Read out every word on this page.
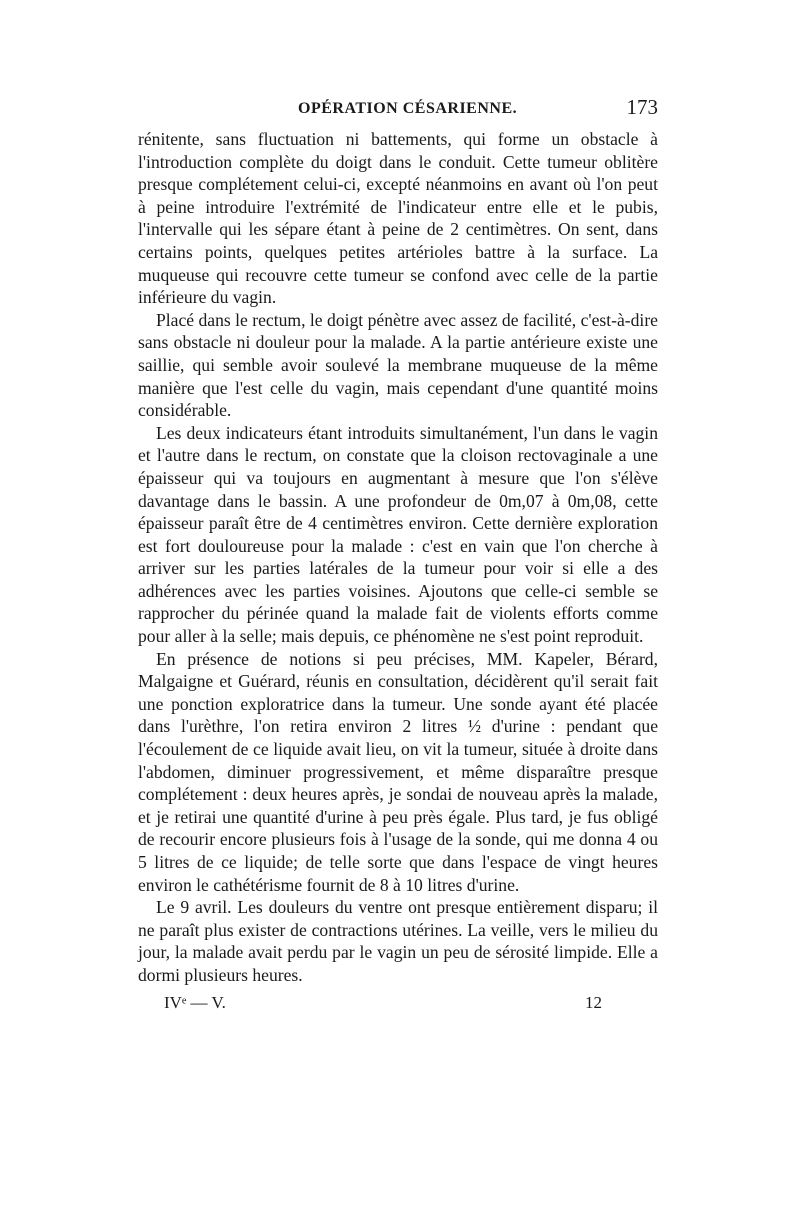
OPÉRATION CÉSARIENNE.	173

rénitente, sans fluctuation ni battements, qui forme un obstacle à l'introduction complète du doigt dans le conduit. Cette tumeur oblitère presque complétement celui-ci, excepté néanmoins en avant où l'on peut à peine introduire l'extrémité de l'indicateur entre elle et le pubis, l'intervalle qui les sépare étant à peine de 2 centimètres. On sent, dans certains points, quelques petites artérioles battre à la surface. La muqueuse qui recouvre cette tumeur se confond avec celle de la partie inférieure du vagin.

Placé dans le rectum, le doigt pénètre avec assez de facilité, c'est-à-dire sans obstacle ni douleur pour la malade. A la partie antérieure existe une saillie, qui semble avoir soulevé la membrane muqueuse de la même manière que l'est celle du vagin, mais cependant d'une quantité moins considérable.

Les deux indicateurs étant introduits simultanément, l'un dans le vagin et l'autre dans le rectum, on constate que la cloison rectovaginale a une épaisseur qui va toujours en augmentant à mesure que l'on s'élève davantage dans le bassin. A une profondeur de 0m,07 à 0m,08, cette épaisseur paraît être de 4 centimètres environ. Cette dernière exploration est fort douloureuse pour la malade : c'est en vain que l'on cherche à arriver sur les parties latérales de la tumeur pour voir si elle a des adhérences avec les parties voisines. Ajoutons que celle-ci semble se rapprocher du périnée quand la malade fait de violents efforts comme pour aller à la selle; mais depuis, ce phénomène ne s'est point reproduit.

En présence de notions si peu précises, MM. Kapeler, Bérard, Malgaigne et Guérard, réunis en consultation, décidèrent qu'il serait fait une ponction exploratrice dans la tumeur. Une sonde ayant été placée dans l'urèthre, l'on retira environ 2 litres ½ d'urine : pendant que l'écoulement de ce liquide avait lieu, on vit la tumeur, située à droite dans l'abdomen, diminuer progressivement, et même disparaître presque complétement : deux heures après, je sondai de nouveau après la malade, et je retirai une quantité d'urine à peu près égale. Plus tard, je fus obligé de recourir encore plusieurs fois à l'usage de la sonde, qui me donna 4 ou 5 litres de ce liquide; de telle sorte que dans l'espace de vingt heures environ le cathétérisme fournit de 8 à 10 litres d'urine.

Le 9 avril. Les douleurs du ventre ont presque entièrement disparu; il ne paraît plus exister de contractions utérines. La veille, vers le milieu du jour, la malade avait perdu par le vagin un peu de sérosité limpide. Elle a dormi plusieurs heures.

IVᵉ — V.	12
